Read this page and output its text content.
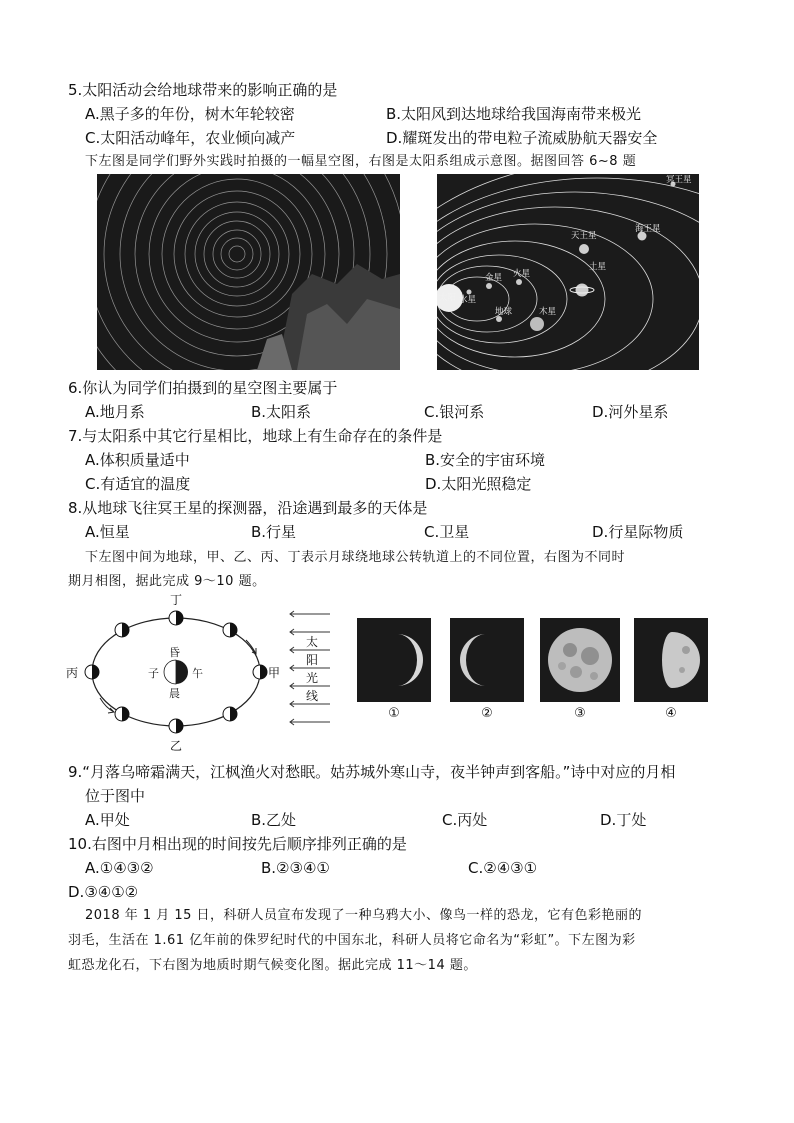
5.太阳活动会给地球带来的影响正确的是
A.黑子多的年份，树木年轮较密	B.太阳风到达地球给我国海南带来极光
C.太阳活动峰年，农业倾向减产	D.耀斑发出的带电粒子流威胁航天器安全
下左图是同学们野外实践时拍摄的一幅星空图，右图是太阳系组成示意图。据图回答 6~8 题
太阳 水星
金星
地球
火星
木星
土星
天王星
海王星
冥王星
6.你认为同学们拍摄到的星空图主要属于
A.地月系	B.太阳系	C.银河系	D.河外星系
7.与太阳系中其它行星相比，地球上有生命存在的条件是
A.体积质量适中	B.安全的宇宙环境
C.有适宜的温度	D.太阳光照稳定
8.从地球飞往冥王星的探测器，沿途遇到最多的天体是
A.恒星	B.行星	C.卫星	D.行星际物质
下左图中间为地球，甲、乙、丙、丁表示月球绕地球公转轨道上的不同位置，右图为不同时
期月相图，据此完成 9～10 题。
丁
丙	甲
乙
昏
子	午
晨
太
阳
光
线
①	②	③	④
9.“月落乌啼霜满天，江枫渔火对愁眠。姑苏城外寒山寺，夜半钟声到客船。”诗中对应的月相
位于图中
A.甲处	B.乙处	C.丙处	D.丁处
10.右图中月相出现的时间按先后顺序排列正确的是
A.①④③②	B.②③④①	C.②④③①
D.③④①②
2018 年 1 月 15 日，科研人员宣布发现了一种乌鸦大小、像鸟一样的恐龙，它有色彩艳丽的
羽毛，生活在 1.61 亿年前的侏罗纪时代的中国东北，科研人员将它命名为“彩虹”。下左图为彩
虹恐龙化石，下右图为地质时期气候变化图。据此完成 11～14 题。
